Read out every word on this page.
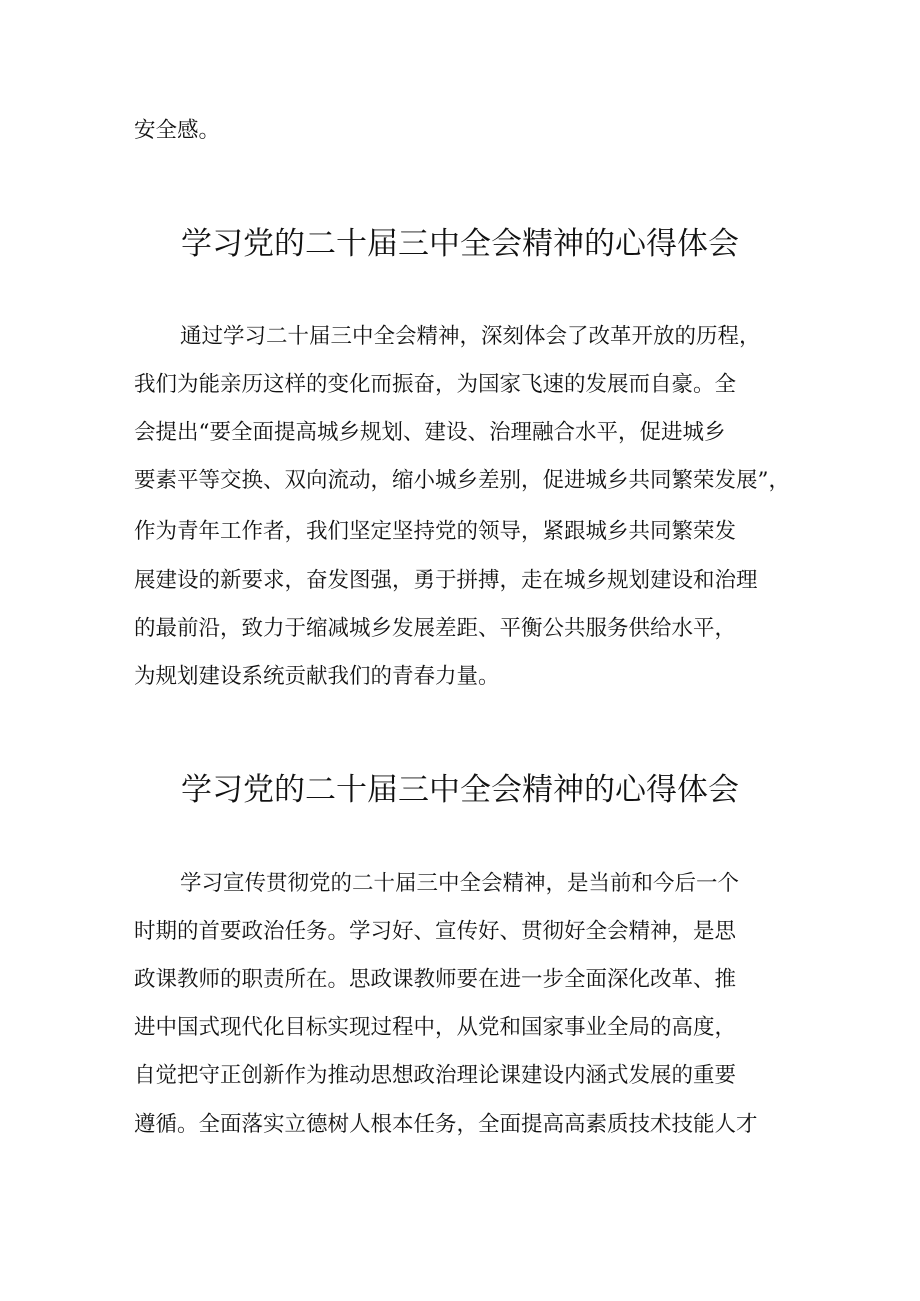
安全感。

学习党的二十届三中全会精神的心得体会

通过学习二十届三中全会精神，深刻体会了改革开放的历程，

我们为能亲历这样的变化而振奋，为国家飞速的发展而自豪。全

会提出“要全面提高城乡规划、建设、治理融合水平，促进城乡

要素平等交换、双向流动，缩小城乡差别，促进城乡共同繁荣发展”，

作为青年工作者，我们坚定坚持党的领导，紧跟城乡共同繁荣发

展建设的新要求，奋发图强，勇于拼搏，走在城乡规划建设和治理

的最前沿，致力于缩减城乡发展差距、平衡公共服务供给水平，

为规划建设系统贡献我们的青春力量。

学习党的二十届三中全会精神的心得体会

学习宣传贯彻党的二十届三中全会精神，是当前和今后一个

时期的首要政治任务。学习好、宣传好、贯彻好全会精神，是思

政课教师的职责所在。思政课教师要在进一步全面深化改革、推

进中国式现代化目标实现过程中，从党和国家事业全局的高度，

自觉把守正创新作为推动思想政治理论课建设内涵式发展的重要

遵循。全面落实立德树人根本任务，全面提高高素质技术技能人才
